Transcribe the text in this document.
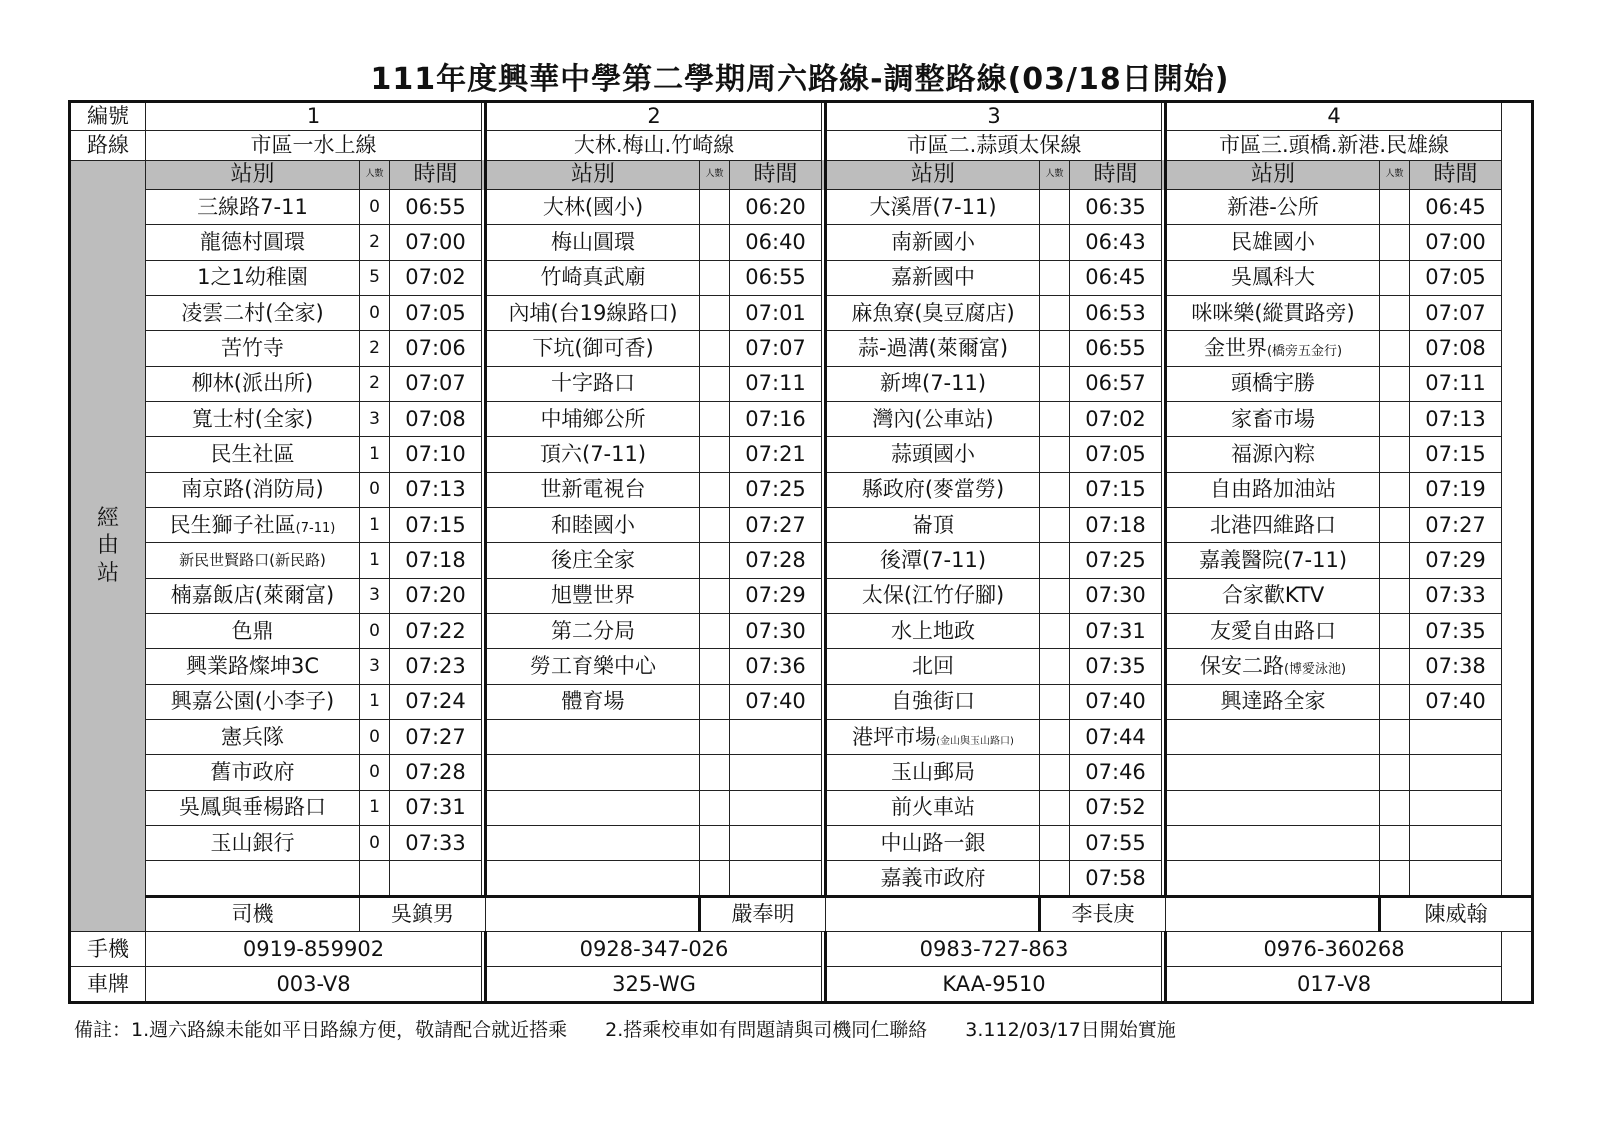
111年度興華中學第二學期周六路線-調整路線(03/18日開始)
編號	1				2				3				4		
路線	市區一水上線				大林.梅山.竹崎線				市區二.蒜頭太保線				市區三.頭橋.新港.民雄線		

經
由
站	站別	人數	時間		站別	人數	時間		站別	人數	時間		站別	人數	時間
	三線路7-11	0	06:55		大林(國小)		06:20		大溪厝(7-11)		06:35		新港-公所		06:45
	龍德村圓環	2	07:00		梅山圓環		06:40		南新國小		06:43		民雄國小		07:00
	1之1幼稚園	5	07:02		竹崎真武廟		06:55		嘉新國中		06:45		吳鳳科大		07:05
	凌雲二村(全家)	0	07:05		內埔(台19線路口)		07:01		麻魚寮(臭豆腐店)		06:53		咪咪樂(縱貫路旁)		07:07
	苦竹寺	2	07:06		下坑(御可香)		07:07		蒜-過溝(萊爾富)		06:55		金世界(橋旁五金行)		07:08
	柳林(派出所)	2	07:07		十字路口		07:11		新埤(7-11)		06:57		頭橋宇勝		07:11
	寬士村(全家)	3	07:08		中埔鄉公所		07:16		灣內(公車站)		07:02		家畜市場		07:13
	民生社區	1	07:10		頂六(7-11)		07:21		蒜頭國小		07:05		福源內粽		07:15
	南京路(消防局)	0	07:13		世新電視台		07:25		縣政府(麥當勞)		07:15		自由路加油站		07:19
	民生獅子社區(7-11)	1	07:15		和睦國小		07:27		崙頂		07:18		北港四維路口		07:27
	新民世賢路口(新民路)	1	07:18		後庄全家		07:28		後潭(7-11)		07:25		嘉義醫院(7-11)		07:29
	楠嘉飯店(萊爾富)	3	07:20		旭豐世界		07:29		太保(江竹仔腳)		07:30		合家歡KTV		07:33
	色鼎	0	07:22		第二分局		07:30		水上地政		07:31		友愛自由路口		07:35
	興業路燦坤3C	3	07:23		勞工育樂中心		07:36		北回		07:35		保安二路(博愛泳池)		07:38
	興嘉公園(小李子)	1	07:24		體育場		07:40		自強街口		07:40		興達路全家		07:40
	憲兵隊	0	07:27						港坪市場(金山與玉山路口)		07:44				
	舊市政府	0	07:28						玉山郵局		07:46				
	吳鳳與垂楊路口	1	07:31						前火車站		07:52				
	玉山銀行	0	07:33						中山路一銀		07:55				
									嘉義市政府		07:58				
	司機	吳鎮男				嚴奉明				李長庚				陳威翰	
手機	0919-859902				0928-347-026				0983-727-863				0976-360268		
車牌	003-V8				325-WG				KAA-9510				017-V8		
備註：1.週六路線未能如平日路線方便，敬請配合就近搭乘　　2.搭乘校車如有問題請與司機同仁聯絡　　3.112/03/17日開始實施
